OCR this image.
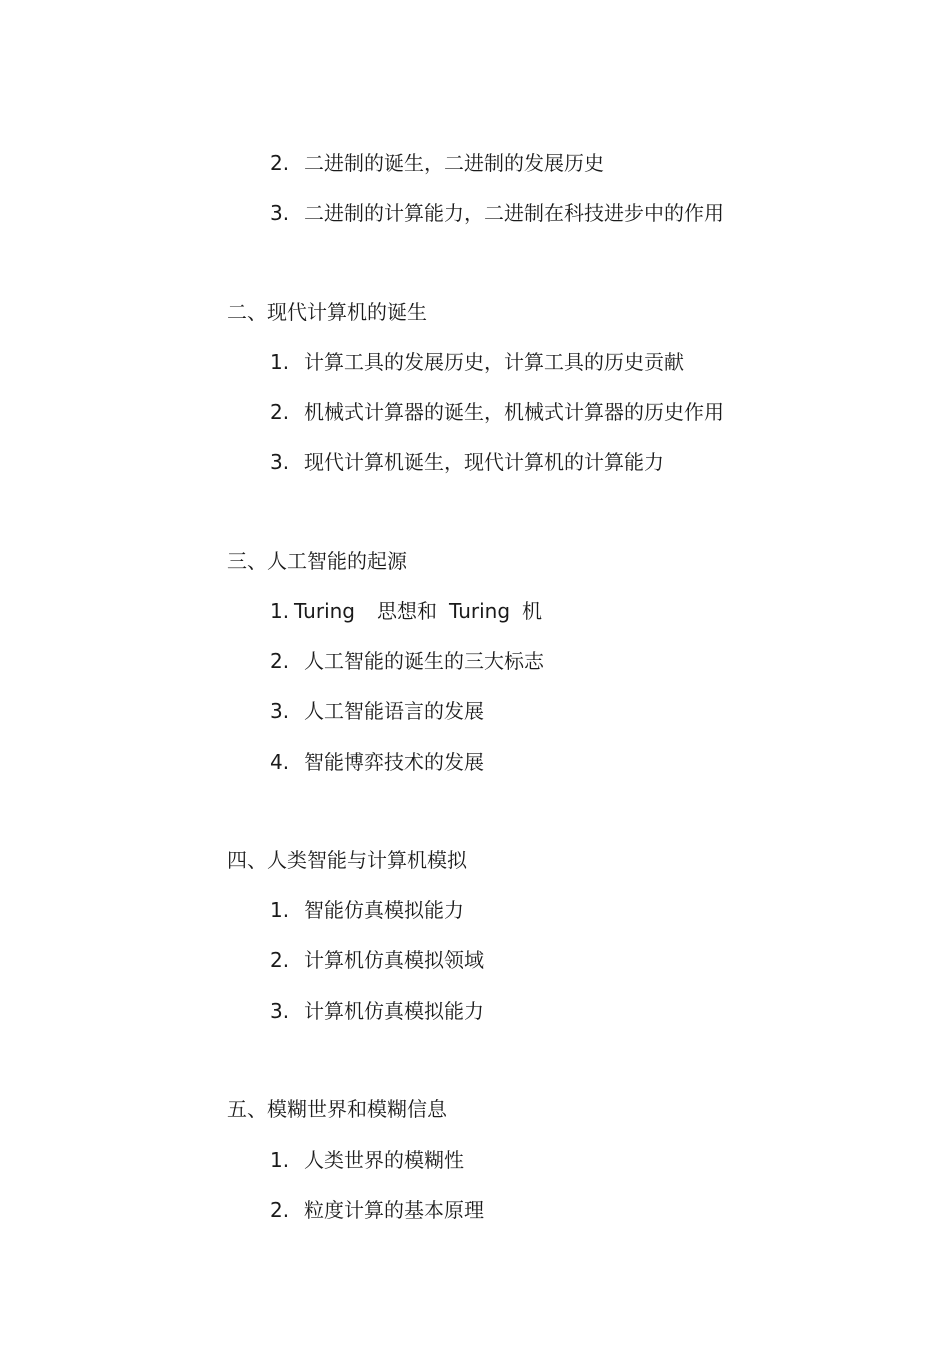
2. 二进制的诞生，二进制的发展历史
3. 二进制的计算能力，二进制在科技进步中的作用
二、现代计算机的诞生
1. 计算工具的发展历史，计算工具的历史贡献
2. 机械式计算器的诞生，机械式计算器的历史作用
3. 现代计算机诞生，现代计算机的计算能力
三、人工智能的起源
1. Turing 思想和 Turing 机
2. 人工智能的诞生的三大标志
3. 人工智能语言的发展
4. 智能博弈技术的发展
四、人类智能与计算机模拟
1. 智能仿真模拟能力
2. 计算机仿真模拟领域
3. 计算机仿真模拟能力
五、模糊世界和模糊信息
1. 人类世界的模糊性
2. 粒度计算的基本原理
